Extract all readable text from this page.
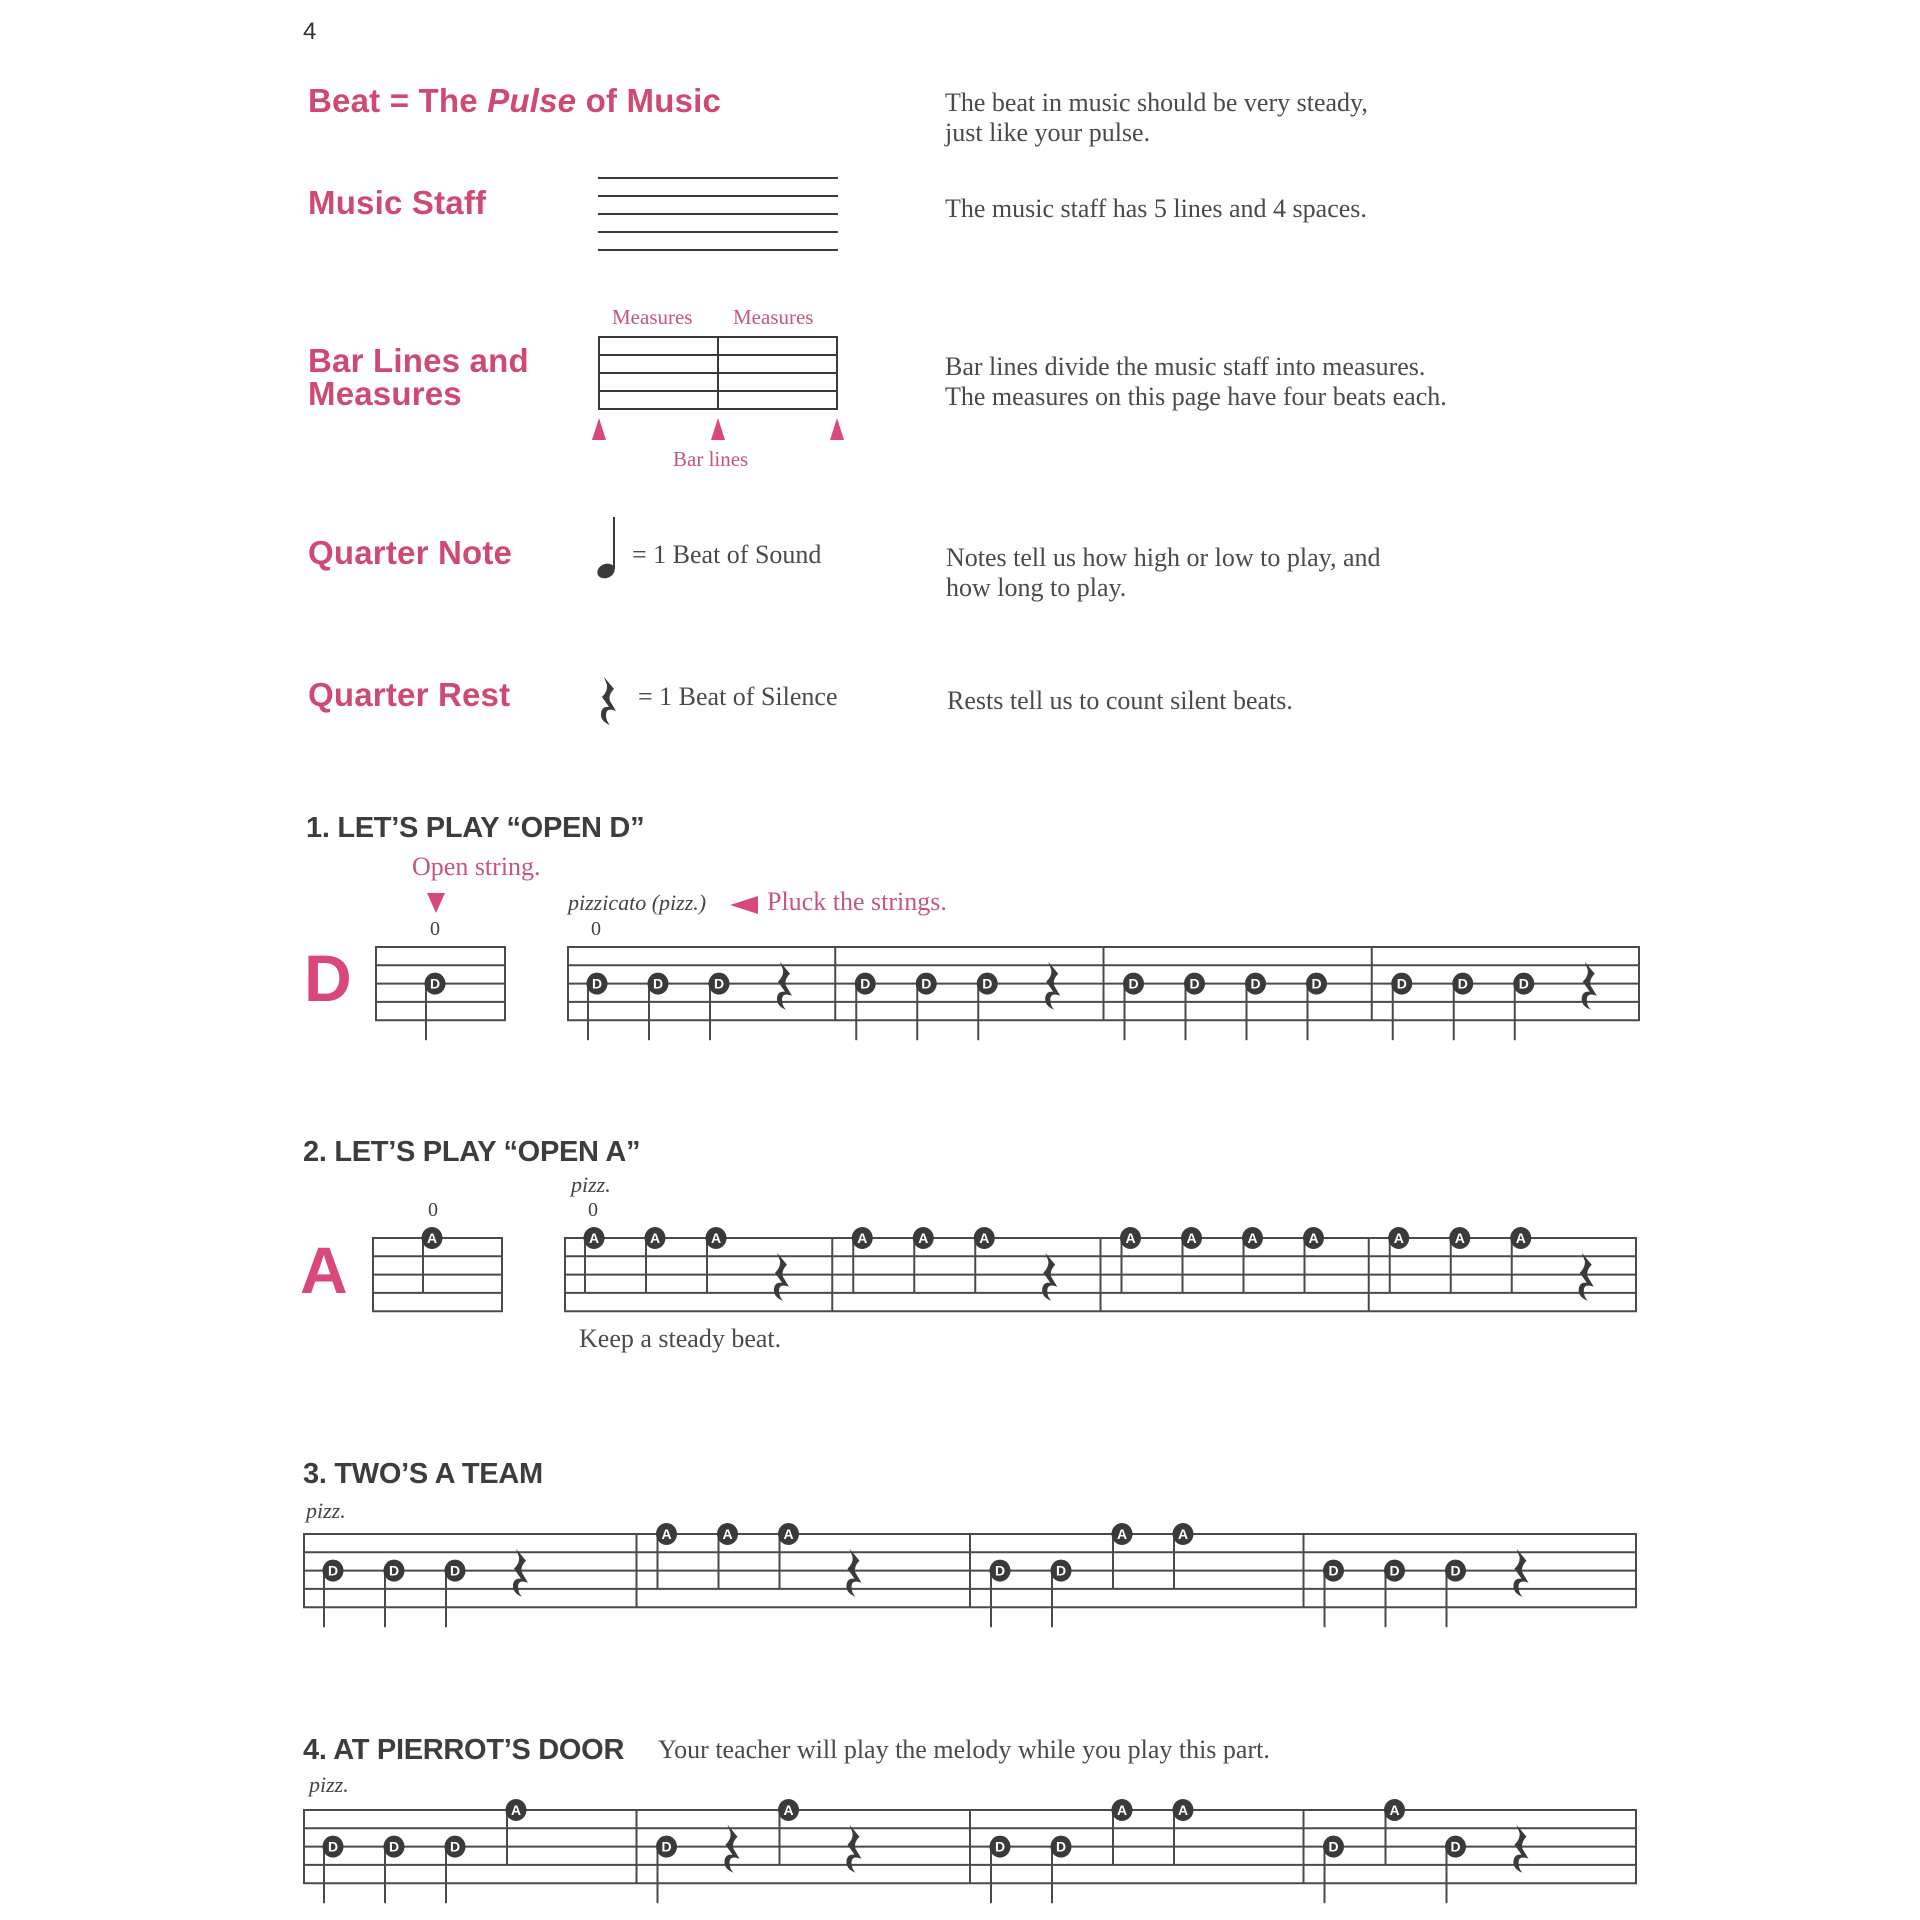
4
Beat = The Pulse of Music	The beat in music should be very steady,
just like your pulse.
Music Staff	The music staff has 5 lines and 4 spaces.
Bar Lines and
Measures
Measures Measures
Bar lines
Bar lines divide the music staff into measures.
The measures on this page have four beats each.
Quarter Note	= 1 Beat of Sound	Notes tell us how high or low to play, and
how long to play.
Quarter Rest	= 1 Beat of Silence	Rests tell us to count silent beats.
1. LET’S PLAY “OPEN D”
Open string.
0
D
pizzicato (pizz.) Pluck the strings.
0
D	D	D	D	D	D	D	D	D	D	D	D	D	D
2. LET’S PLAY “OPEN A”
pizz.
0	0
A	A	A	A	A	A	A	A	A	A	A	A	A	A	A
Keep a steady beat.
3. TWO’S A TEAM
pizz.
D	D	D
A	A	A
D	D
A	A
D	D	D
4. AT PIERROT’S DOOR Your teacher will play the melody while you play this part.
pizz.
D	D	D
A
D
A
D	D
A	A
D
A
D
